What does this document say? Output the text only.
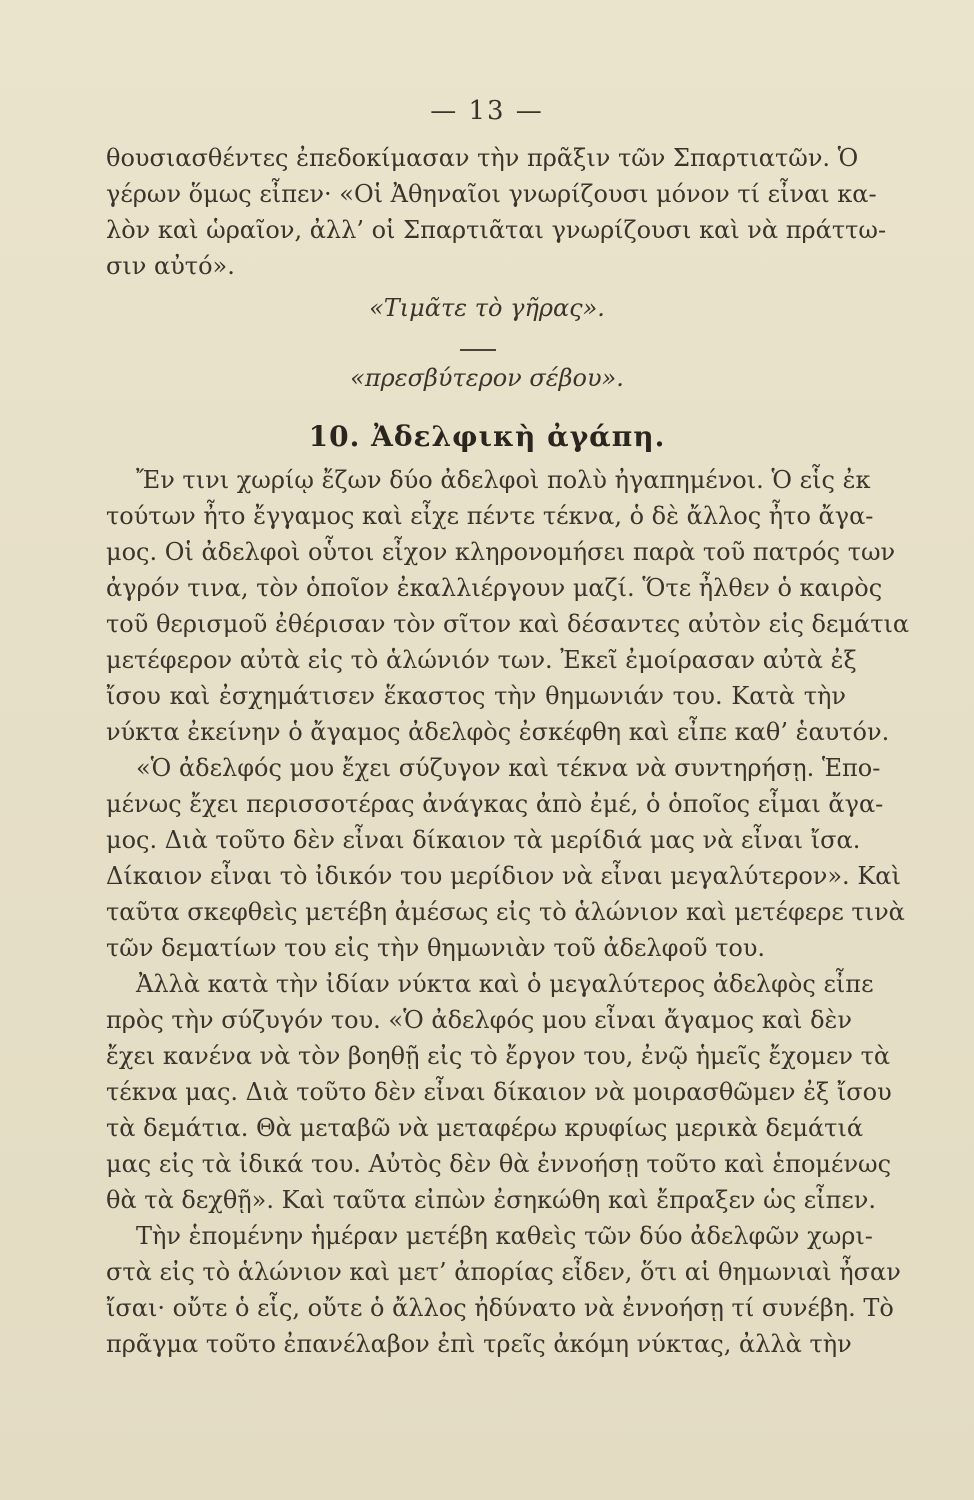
— 13 —
θουσιασθέντες ἐπεδοκίμασαν τὴν πρᾶξιν τῶν Σπαρτιατῶν. Ὁ
γέρων ὅμως εἶπεν· «Οἱ Ἀθηναῖοι γνωρίζουσι μόνον τί εἶναι κα-
λὸν καὶ ὡραῖον, ἀλλ’ οἱ Σπαρτιᾶται γνωρίζουσι καὶ νὰ πράττω-
σιν αὐτό».
«Τιμᾶτε τὸ γῆρας».
«πρεσβύτερον σέβου».
10. Ἀδελφικὴ ἀγάπη.
Ἔν τινι χωρίῳ ἔζων δύο ἀδελφοὶ πολὺ ἠγαπημένοι. Ὁ εἷς ἐκ
τούτων ἦτο ἔγγαμος καὶ εἶχε πέντε τέκνα, ὁ δὲ ἄλλος ἦτο ἄγα-
μος. Οἱ ἀδελφοὶ οὗτοι εἶχον κληρονομήσει παρὰ τοῦ πατρός των
ἀγρόν τινα, τὸν ὁποῖον ἐκαλλιέργουν μαζί. Ὅτε ἦλθεν ὁ καιρὸς
τοῦ θερισμοῦ ἐθέρισαν τὸν σῖτον καὶ δέσαντες αὐτὸν εἰς δεμάτια
μετέφερον αὐτὰ εἰς τὸ ἁλώνιόν των. Ἐκεῖ ἐμοίρασαν αὐτὰ ἐξ
ἴσου καὶ ἐσχημάτισεν ἕκαστος τὴν θημωνιάν του. Κατὰ τὴν
νύκτα ἐκείνην ὁ ἄγαμος ἀδελφὸς ἐσκέφθη καὶ εἶπε καθ’ ἑαυτόν.
«Ὁ ἀδελφός μου ἔχει σύζυγον καὶ τέκνα νὰ συντηρήσῃ. Ἑπο-
μένως ἔχει περισσοτέρας ἀνάγκας ἀπὸ ἐμέ, ὁ ὁποῖος εἶμαι ἄγα-
μος. Διὰ τοῦτο δὲν εἶναι δίκαιον τὰ μερίδιά μας νὰ εἶναι ἴσα.
Δίκαιον εἶναι τὸ ἰδικόν του μερίδιον νὰ εἶναι μεγαλύτερον». Καὶ
ταῦτα σκεφθεὶς μετέβη ἀμέσως εἰς τὸ ἁλώνιον καὶ μετέφερε τινὰ
τῶν δεματίων του εἰς τὴν θημωνιὰν τοῦ ἀδελφοῦ του.
Ἀλλὰ κατὰ τὴν ἰδίαν νύκτα καὶ ὁ μεγαλύτερος ἀδελφὸς εἶπε
πρὸς τὴν σύζυγόν του. «Ὁ ἀδελφός μου εἶναι ἄγαμος καὶ δὲν
ἔχει κανένα νὰ τὸν βοηθῇ εἰς τὸ ἔργον του, ἐνῷ ἡμεῖς ἔχομεν τὰ
τέκνα μας. Διὰ τοῦτο δὲν εἶναι δίκαιον νὰ μοιρασθῶμεν ἐξ ἴσου
τὰ δεμάτια. Θὰ μεταβῶ νὰ μεταφέρω κρυφίως μερικὰ δεμάτιά
μας εἰς τὰ ἰδικά του. Αὐτὸς δὲν θὰ ἐννοήσῃ τοῦτο καὶ ἑπομένως
θὰ τὰ δεχθῇ». Καὶ ταῦτα εἰπὼν ἐσηκώθη καὶ ἔπραξεν ὡς εἶπεν.
Τὴν ἑπομένην ἡμέραν μετέβη καθεὶς τῶν δύο ἀδελφῶν χωρι-
στὰ εἰς τὸ ἁλώνιον καὶ μετ’ ἀπορίας εἶδεν, ὅτι αἱ θημωνιαὶ ἦσαν
ἴσαι· οὔτε ὁ εἷς, οὔτε ὁ ἄλλος ἠδύνατο νὰ ἐννοήσῃ τί συνέβη. Τὸ
πρᾶγμα τοῦτο ἐπανέλαβον ἐπὶ τρεῖς ἀκόμη νύκτας, ἀλλὰ τὴν
